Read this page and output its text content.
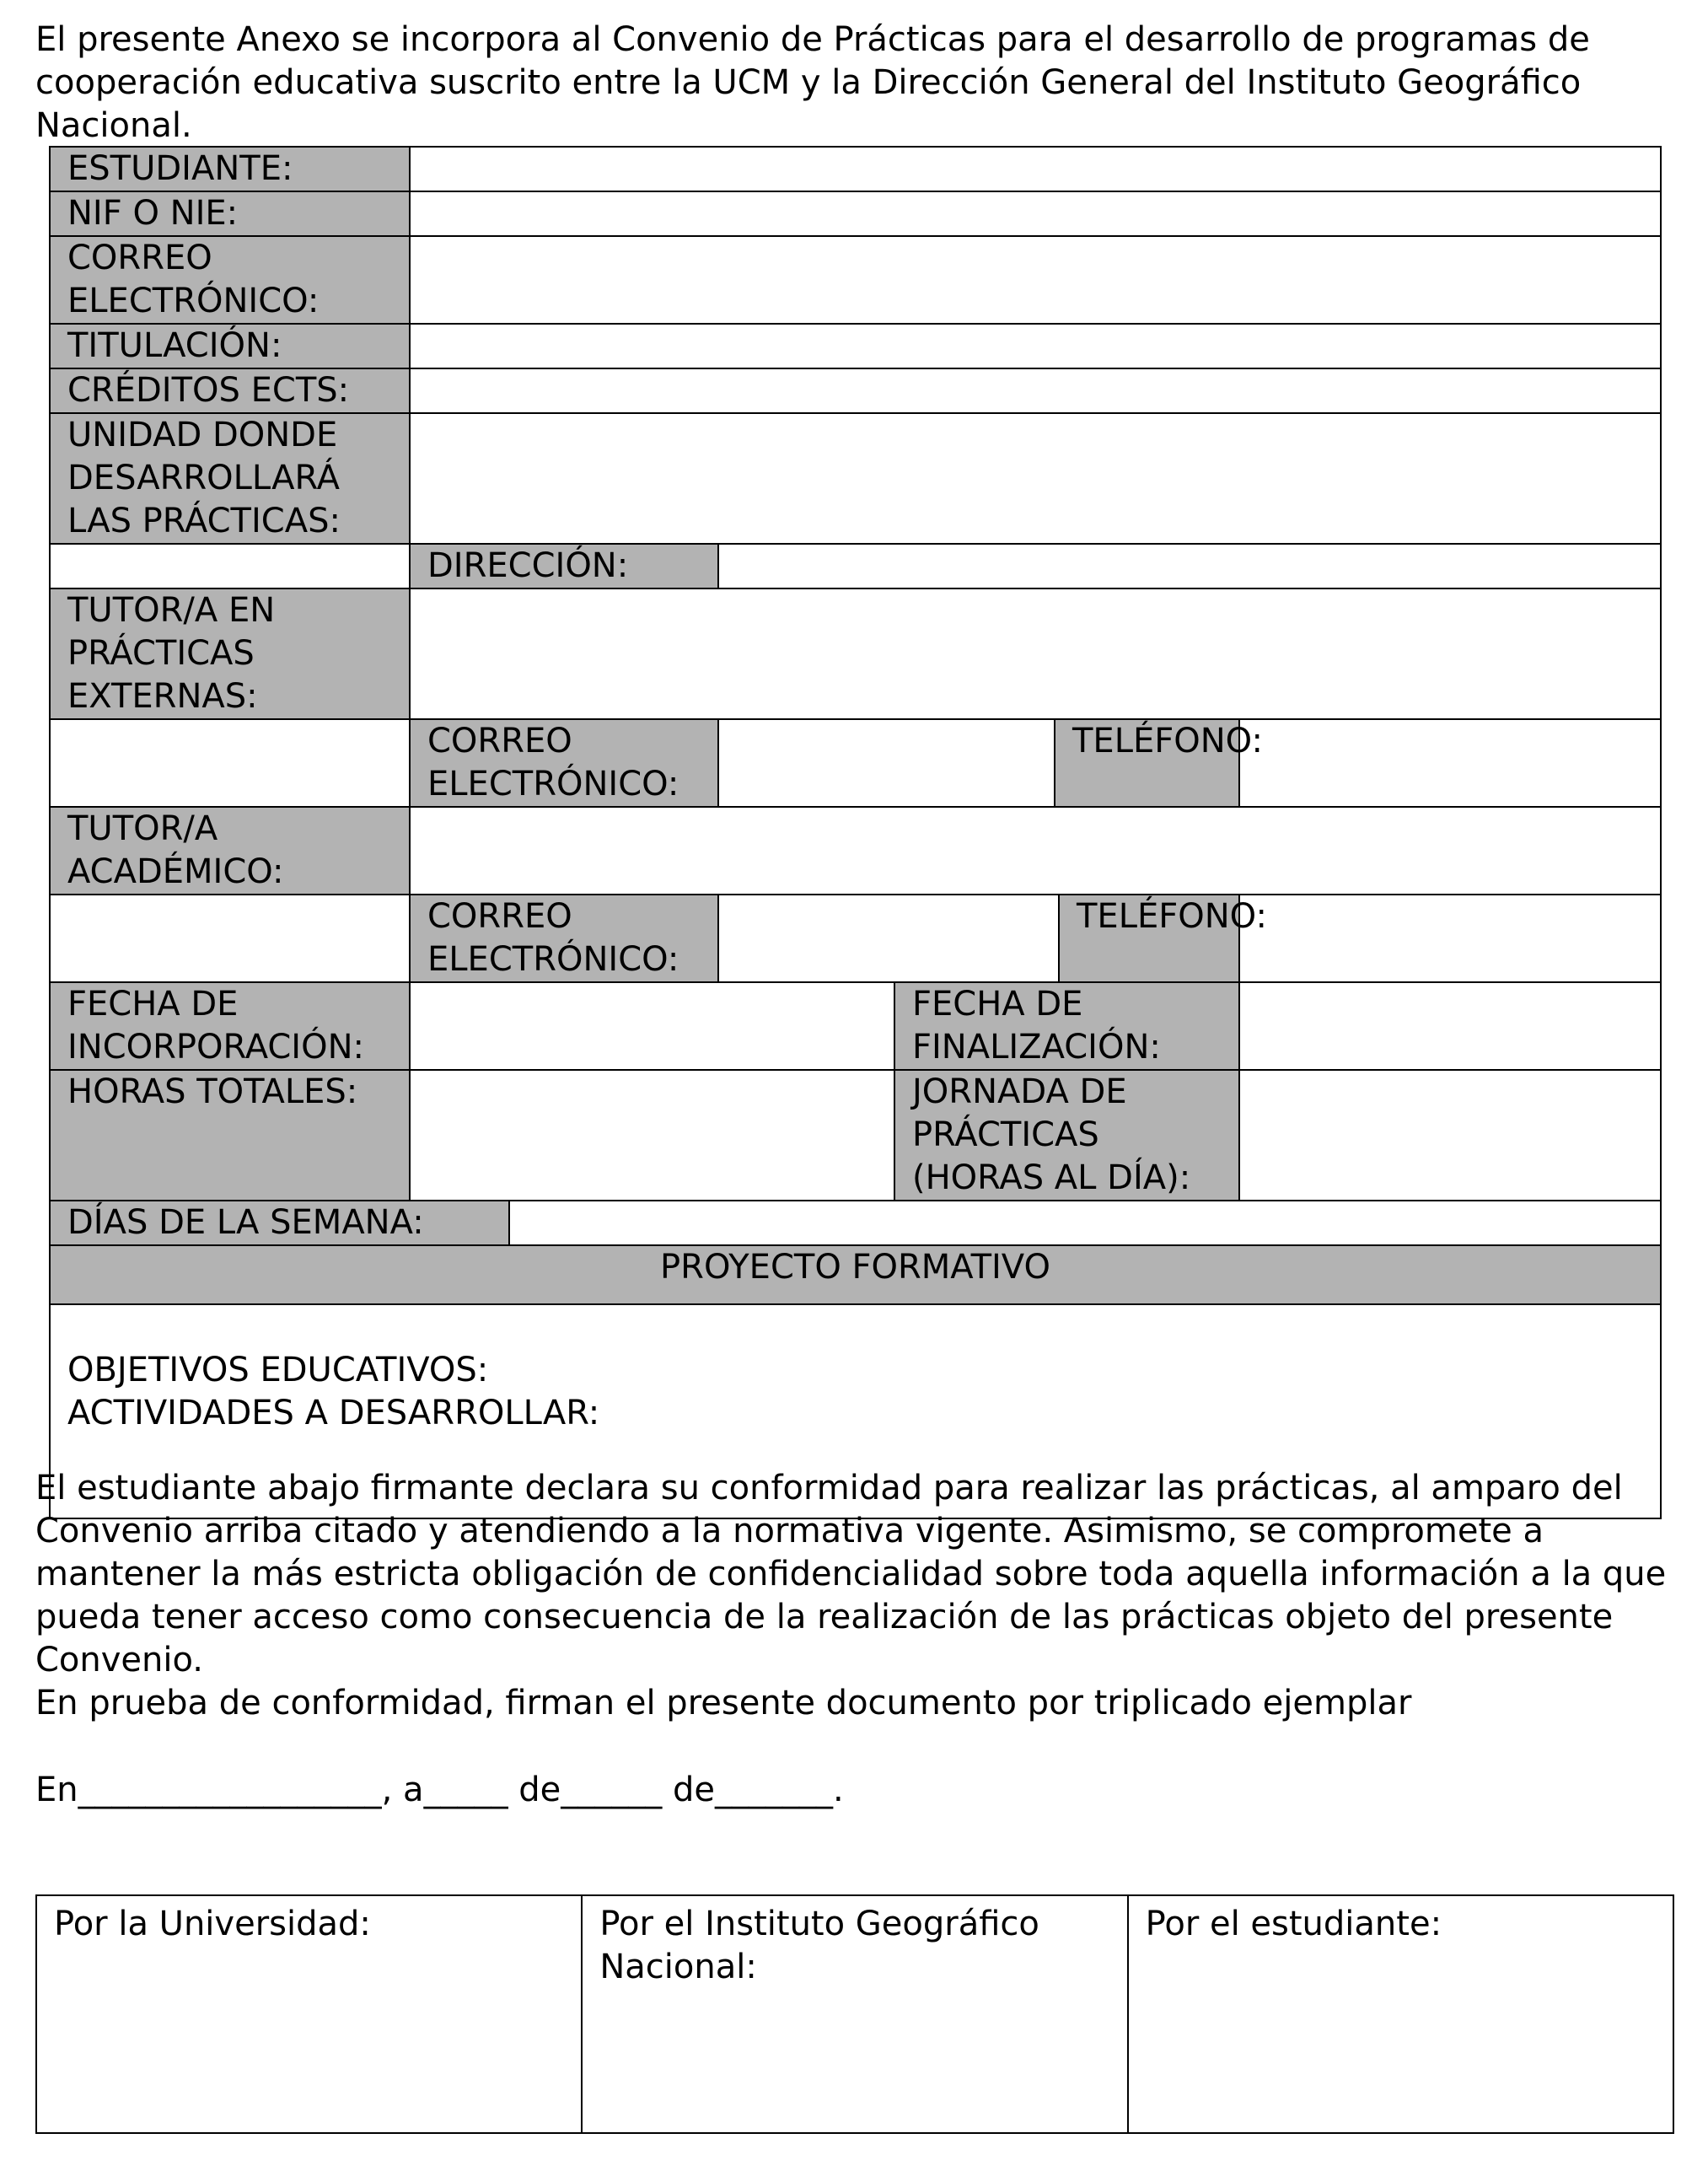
El presente Anexo se incorpora al Convenio de Prácticas para el desarrollo de programas de cooperación educativa suscrito entre la UCM y la Dirección General del Instituto Geográfico Nacional.

ESTUDIANTE:							
NIF O NIE:							
CORREO ELECTRÓNICO:							
TITULACIÓN:							
CRÉDITOS ECTS:							
UNIDAD DONDE DESARROLLARÁ LAS PRÁCTICAS:							
	DIRECCIÓN:						
TUTOR/A EN PRÁCTICAS EXTERNAS:							
	CORREO ELECTRÓNICO:				TELÉFONO:		
TUTOR/A ACADÉMICO:							
	CORREO ELECTRÓNICO:					TELÉFONO:	
FECHA DE INCORPORACIÓN:				FECHA DE FINALIZACIÓN:			
HORAS TOTALES:				JORNADA DE PRÁCTICAS (HORAS AL DÍA):			
DÍAS DE LA SEMANA:							
PROYECTO FORMATIVO							

OBJETIVOS EDUCATIVOS:
ACTIVIDADES A DESARROLLAR:							

El estudiante abajo firmante declara su conformidad para realizar las prácticas, al amparo del Convenio arriba citado y atendiendo a la normativa vigente. Asimismo, se compromete a mantener la más estricta obligación de confidencialidad sobre toda aquella información a la que pueda tener acceso como consecuencia de la realización de las prácticas objeto del presente Convenio.

En prueba de conformidad, firman el presente documento por triplicado ejemplar

En__________________, a_____ de______ de_______.

Por la Universidad:	Por el Instituto Geográfico Nacional:	Por el estudiante:
